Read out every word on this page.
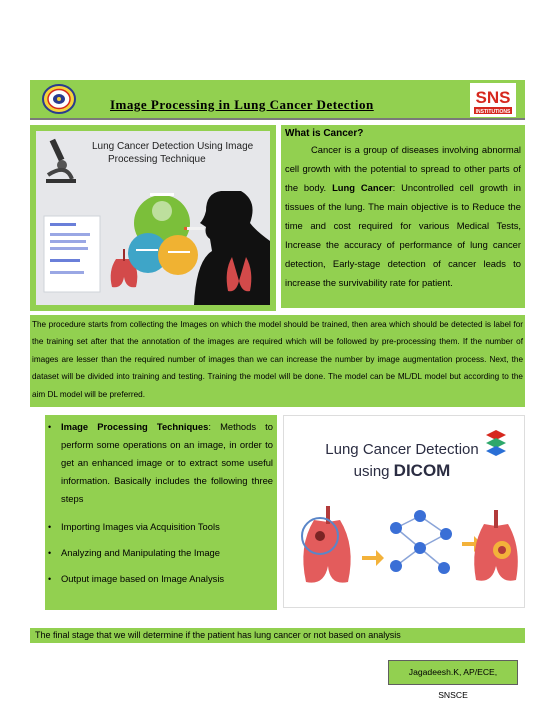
Image Processing in Lung Cancer Detection	SNS
INSTITUTIONS
Lung Cancer Detection Using Image
Processing Technique
What is Cancer?

Cancer is a group of diseases involving abnormal cell growth with the potential to spread to other parts of the body. Lung Cancer: Uncontrolled cell growth in tissues of the lung. The main objective is to Reduce the time and cost required for various Medical Tests, Increase the accuracy of performance of lung cancer detection, Early-stage detection of cancer leads to increase the survivability rate for patient.

The procedure starts from collecting the Images on which the model should be trained, then area which should be detected is label for the training set after that the annotation of the images are required which will be followed by pre-processing them. If the number of images are lesser than the required number of images than we can increase the number by image augmentation process. Next, the dataset will be divided into training and testing. Training the model will be done. The model can be ML/DL model but according to the aim DL model will be preferred.
• Image Processing Techniques: Methods to perform some operations on an image, in order to get an enhanced image or to extract some useful information. Basically includes the following three steps
• Importing Images via Acquisition Tools
• Analyzing and Manipulating the Image
• Output image based on Image Analysis
Lung Cancer Detection
using DICOM
The final stage that we will determine if the patient has lung cancer or not based on analysis
Jagadeesh.K, AP/ECE, SNSCE
